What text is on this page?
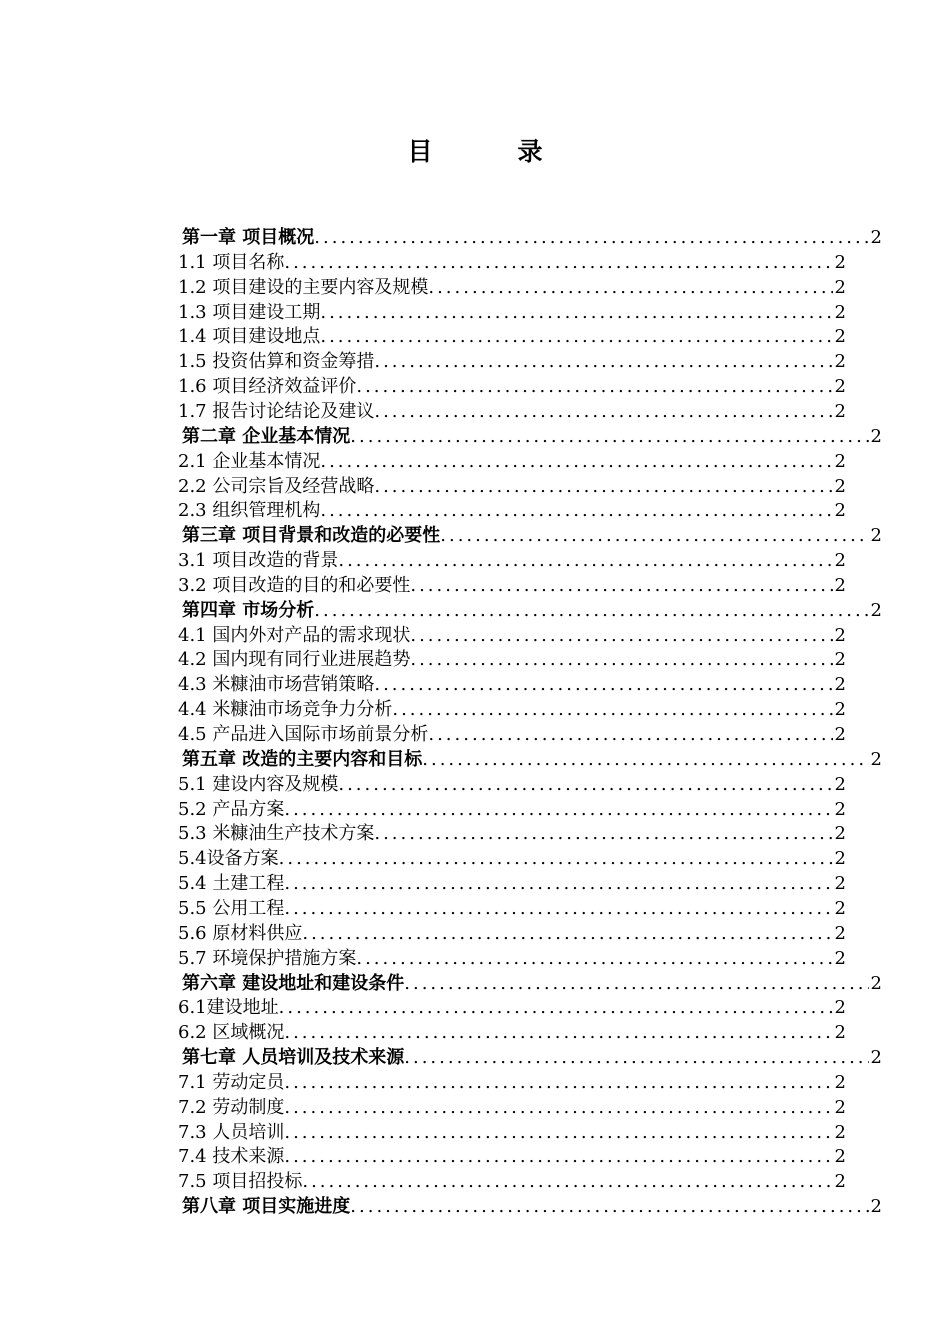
目　录
第一章 项目概况 .....	2
1.1 项目名称 .....	2
1.2 项目建设的主要内容及规模 .....	2
1.3 项目建设工期 .....	2
1.4 项目建设地点 .....	2
1.5 投资估算和资金筹措 .....	2
1.6 项目经济效益评价 .....	2
1.7 报告讨论结论及建议 .....	2
第二章 企业基本情况 .....	2
2.1 企业基本情况 .....	2
2.2 公司宗旨及经营战略 .....	2
2.3 组织管理机构 .....	2
第三章 项目背景和改造的必要性 .....	2
3.1 项目改造的背景 .....	2
3.2 项目改造的目的和必要性 .....	2
第四章 市场分析 .....	2
4.1 国内外对产品的需求现状 .....	2
4.2 国内现有同行业进展趋势 .....	2
4.3 米糠油市场营销策略 .....	2
4.4 米糠油市场竞争力分析 .....	2
4.5 产品进入国际市场前景分析 .....	2
第五章 改造的主要内容和目标 .....	2
5.1 建设内容及规模 .....	2
5.2 产品方案 .....	2
5.3 米糠油生产技术方案 .....	2
5.4设备方案 .....	2
5.4 土建工程 .....	2
5.5 公用工程 .....	2
5.6 原材料供应 .....	2
5.7 环境保护措施方案 .....	2
第六章 建设地址和建设条件 .....	2
6.1建设地址 .....	2
6.2 区域概况 .....	2
第七章 人员培训及技术来源 .....	2
7.1 劳动定员 .....	2
7.2 劳动制度 .....	2
7.3 人员培训 .....	2
7.4 技术来源 .....	2
7.5 项目招投标 .....	2
第八章 项目实施进度 .....	2
